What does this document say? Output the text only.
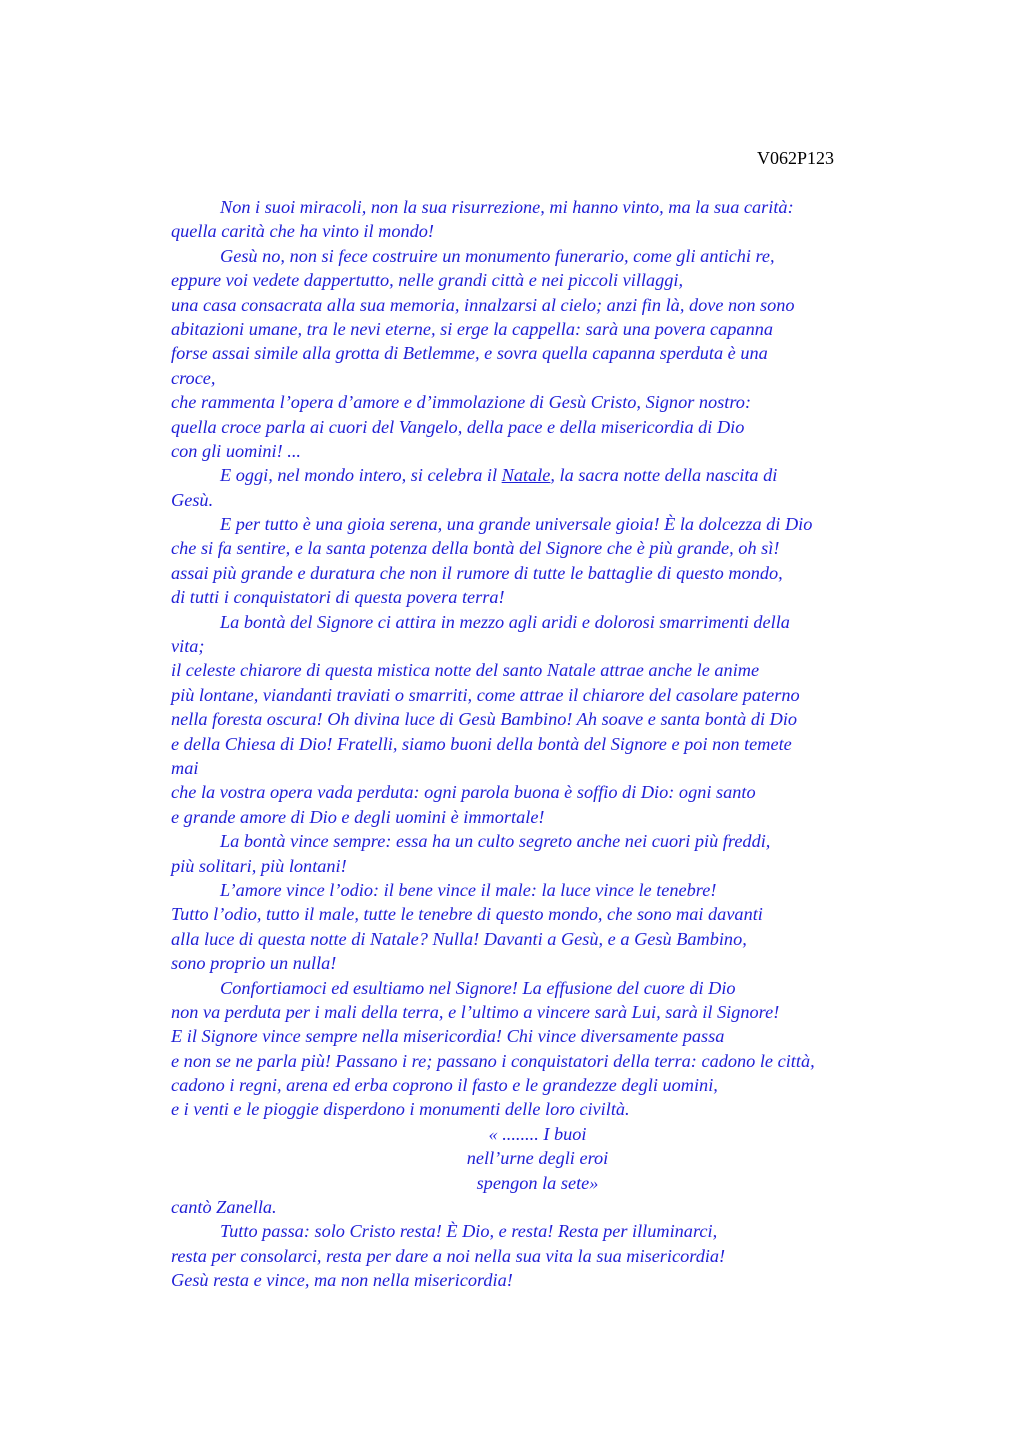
V062P123
Non i suoi miracoli, non la sua risurrezione, mi hanno vinto, ma la sua carità:
quella carità che ha vinto il mondo!
Gesù no, non si fece costruire un monumento funerario, come gli antichi re,
eppure voi vedete dappertutto, nelle grandi città e nei piccoli villaggi,
una casa consacrata alla sua memoria, innalzarsi al cielo; anzi fin là, dove non sono
abitazioni umane, tra le nevi eterne, si erge la cappella: sarà una povera capanna
forse assai simile alla grotta di Betlemme, e sovra quella capanna sperduta è una
croce,
che rammenta l’opera d’amore e d’immolazione di Gesù Cristo, Signor nostro:
quella croce parla ai cuori del Vangelo, della pace e della misericordia di Dio
con gli uomini! ...
E oggi, nel mondo intero, si celebra il Natale, la sacra notte della nascita di
Gesù.
E per tutto è una gioia serena, una grande universale gioia! È la dolcezza di Dio
che si fa sentire, e la santa potenza della bontà del Signore che è più grande, oh sì!
assai più grande e duratura che non il rumore di tutte le battaglie di questo mondo,
di tutti i conquistatori di questa povera terra!
La bontà del Signore ci attira in mezzo agli aridi e dolorosi smarrimenti della
vita;
il celeste chiarore di questa mistica notte del santo Natale attrae anche le anime
più lontane, viandanti traviati o smarriti, come attrae il chiarore del casolare paterno
nella foresta oscura! Oh divina luce di Gesù Bambino! Ah soave e santa bontà di Dio
e della Chiesa di Dio! Fratelli, siamo buoni della bontà del Signore e poi non temete
mai
che la vostra opera vada perduta: ogni parola buona è soffio di Dio: ogni santo
e grande amore di Dio e degli uomini è immortale!
La bontà vince sempre: essa ha un culto segreto anche nei cuori più freddi,
più solitari, più lontani!
L’amore vince l’odio: il bene vince il male: la luce vince le tenebre!
Tutto l’odio, tutto il male, tutte le tenebre di questo mondo, che sono mai davanti
alla luce di questa notte di Natale? Nulla! Davanti a Gesù, e a Gesù Bambino,
sono proprio un nulla!
Confortiamoci ed esultiamo nel Signore! La effusione del cuore di Dio
non va perduta per i mali della terra, e l’ultimo a vincere sarà Lui, sarà il Signore!
E il Signore vince sempre nella misericordia! Chi vince diversamente passa
e non se ne parla più! Passano i re; passano i conquistatori della terra: cadono le città,
cadono i regni, arena ed erba coprono il fasto e le grandezze degli uomini,
e i venti e le pioggie disperdono i monumenti delle loro civiltà.
« ........ I buoi
nell’urne degli eroi
spengon la sete»
cantò Zanella.
Tutto passa: solo Cristo resta! È Dio, e resta! Resta per illuminarci,
resta per consolarci, resta per dare a noi nella sua vita la sua misericordia!
Gesù resta e vince, ma non nella misericordia!
